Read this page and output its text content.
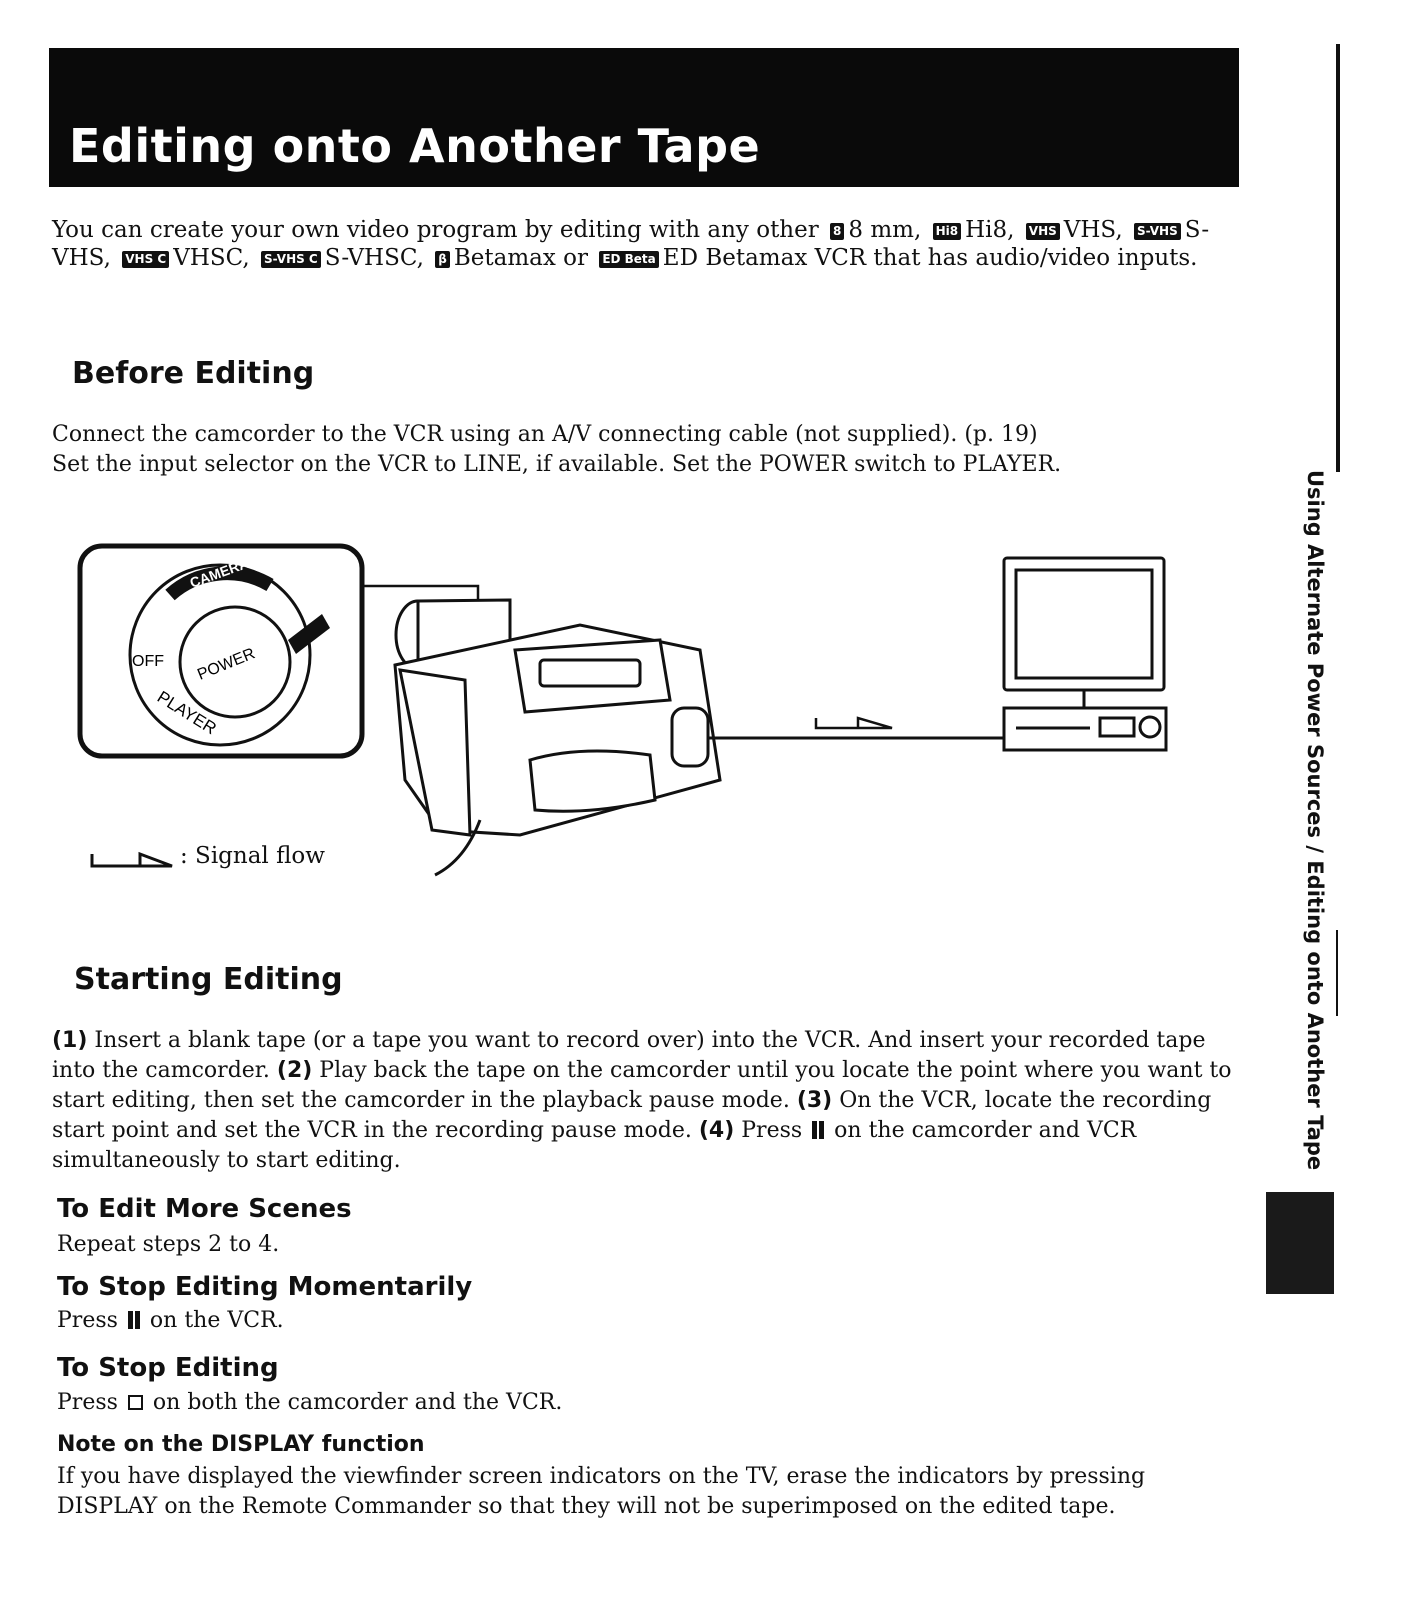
Editing onto Another Tape
You can create your own video program by editing with any other 8 8 mm, Hi8 Hi8, VHS VHS, S-VHS S-VHS, VHS C VHSC, S-VHS C S-VHSC, β Betamax or ED Beta ED Betamax VCR that has audio/video inputs.
Before Editing

Connect the camcorder to the VCR using an A/V connecting cable (not supplied). (p. 19)

Set the input selector on the VCR to LINE, if available. Set the POWER switch to PLAYER.

CAMERA
OFF POWER
PLAYER
: Signal flow
Starting Editing

(1) Insert a blank tape (or a tape you want to record over) into the VCR. And insert your recorded tape into the camcorder. (2) Play back the tape on the camcorder until you locate the point where you want to start editing, then set the camcorder in the playback pause mode. (3) On the VCR, locate the recording start point and set the VCR in the recording pause mode. (4) Press  on the camcorder and VCR simultaneously to start editing.

To Edit More Scenes

Repeat steps 2 to 4.

To Stop Editing Momentarily

Press  on the VCR.

To Stop Editing

Press  on both the camcorder and the VCR.

Note on the DISPLAY function

If you have displayed the viewfinder screen indicators on the TV, erase the indicators by pressing DISPLAY on the Remote Commander so that they will not be superimposed on the edited tape.

Using Alternate Power Sources / Editing onto Another Tape
